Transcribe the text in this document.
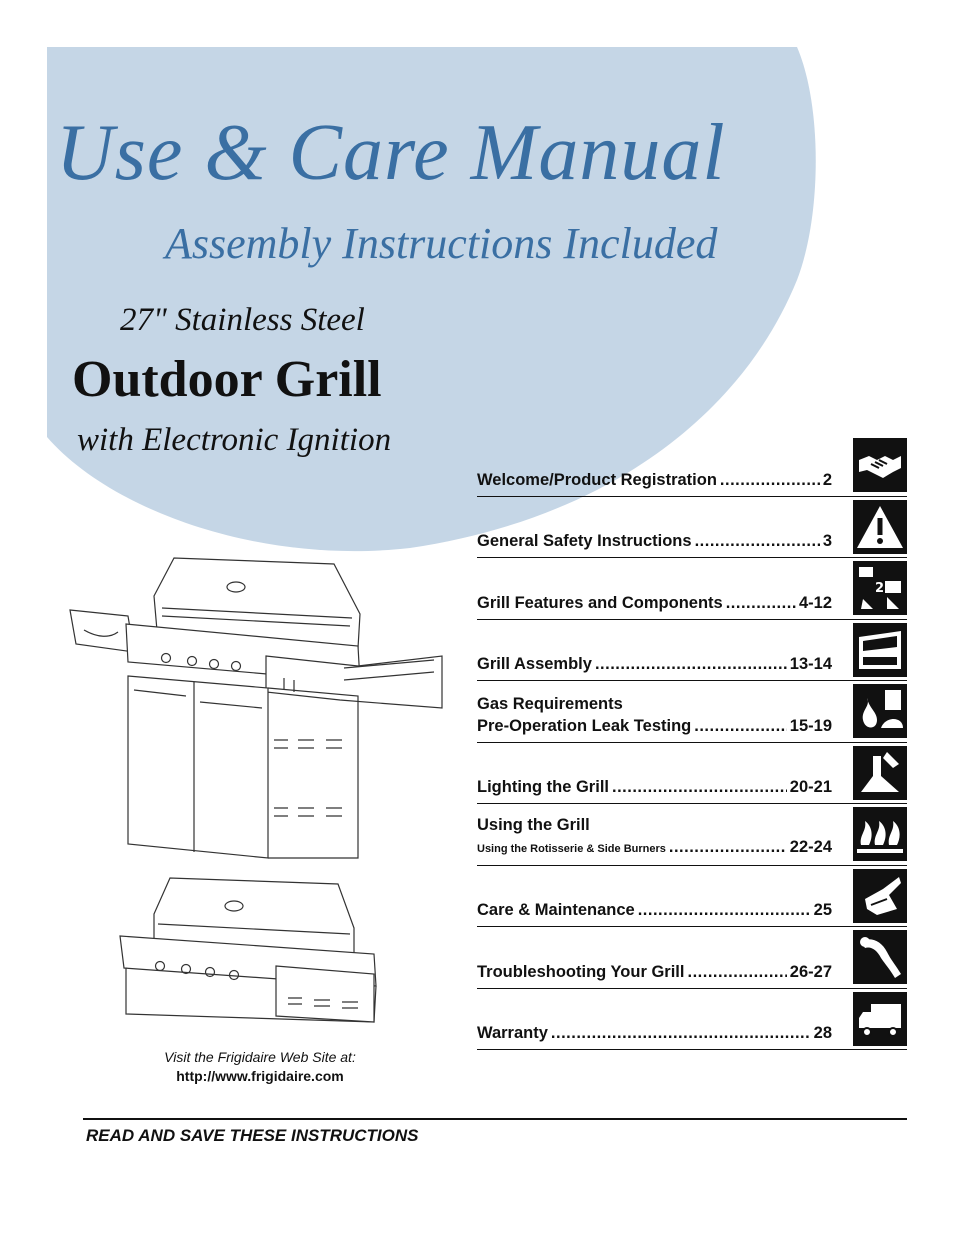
Use & Care Manual
Assembly Instructions Included
27" Stainless Steel
Outdoor Grill
with Electronic Ignition
Welcome/Product Registration .....	2
General Safety Instructions .....	3
Grill Features and Components .....	4-12
2
Grill Assembly .....	13-14
Gas Requirements
Pre-Operation Leak Testing .....	15-19
Lighting the Grill .....	20-21
Using the Grill
Using the Rotisserie & Side Burners .....	22-24
Care & Maintenance .....	25
Troubleshooting Your Grill .....	26-27
Warranty .....	28
Visit the Frigidaire Web Site at:
http://www.frigidaire.com
READ AND SAVE THESE INSTRUCTIONS
